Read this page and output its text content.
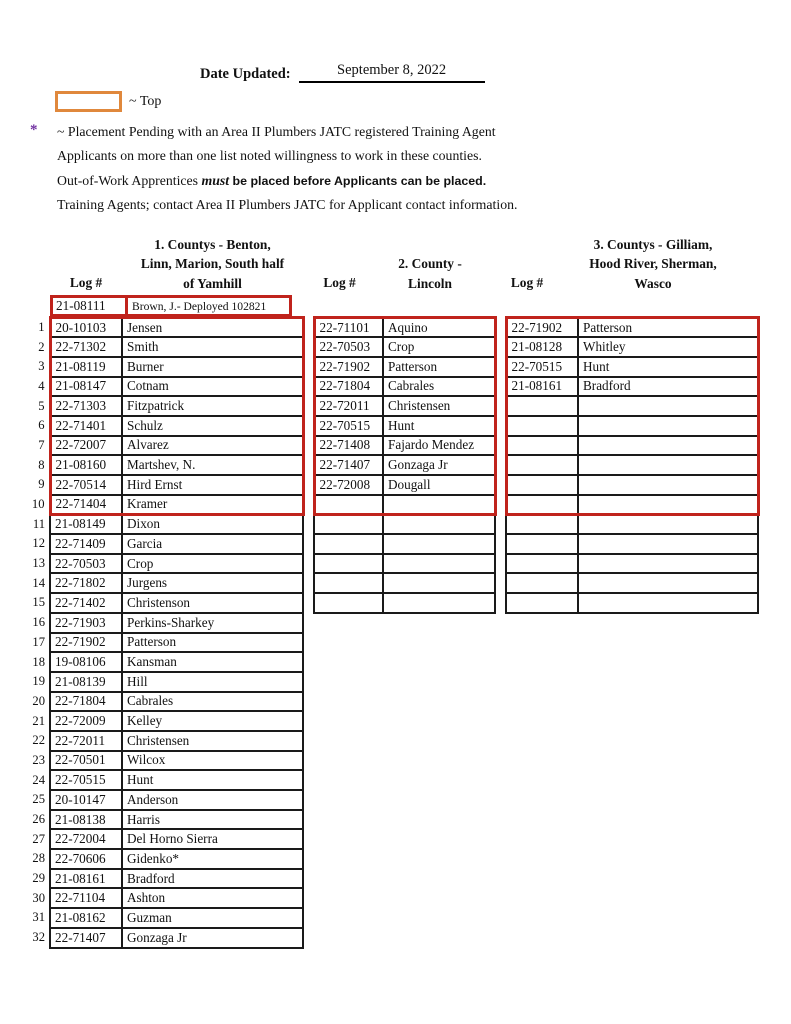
Date Updated:	September 8, 2022
~ Top
* ~ Placement Pending with an Area II Plumbers JATC registered Training Agent
Applicants on more than one list noted willingness to work in these counties.
Out-of-Work Apprentices must be placed before Applicants can be placed.
Training Agents; contact Area II Plumbers JATC for Applicant contact information.
Log #
1. Countys - Benton,
Linn, Marion, South half
of Yamhill	Log #
2. County -
Lincoln	Log #
3. Countys - Gilliam,
Hood River, Sherman,
Wasco
21-08111	Brown, J.- Deployed 102821
1	20-10103	Jensen		22-71101	Aquino		22-71902	Patterson
2	22-71302	Smith		22-70503	Crop		21-08128	Whitley
3	21-08119	Burner		22-71902	Patterson		22-70515	Hunt
4	21-08147	Cotnam		22-71804	Cabrales		21-08161	Bradford
5	22-71303	Fitzpatrick		22-72011	Christensen			
6	22-71401	Schulz		22-70515	Hunt			
7	22-72007	Alvarez		22-71408	Fajardo Mendez			
8	21-08160	Martshev, N.		22-71407	Gonzaga Jr			
9	22-70514	Hird Ernst		22-72008	Dougall			
10	22-71404	Kramer						
11	21-08149	Dixon						
12	22-71409	Garcia						
13	22-70503	Crop						
14	22-71802	Jurgens						
15	22-71402	Christenson						
16	22-71903	Perkins-Sharkey						
17	22-71902	Patterson						
18	19-08106	Kansman						
19	21-08139	Hill						
20	22-71804	Cabrales						
21	22-72009	Kelley						
22	22-72011	Christensen						
23	22-70501	Wilcox						
24	22-70515	Hunt						
25	20-10147	Anderson						
26	21-08138	Harris						
27	22-72004	Del Horno Sierra						
28	22-70606	Gidenko*						
29	21-08161	Bradford						
30	22-71104	Ashton						
31	21-08162	Guzman						
32	22-71407	Gonzaga Jr						
